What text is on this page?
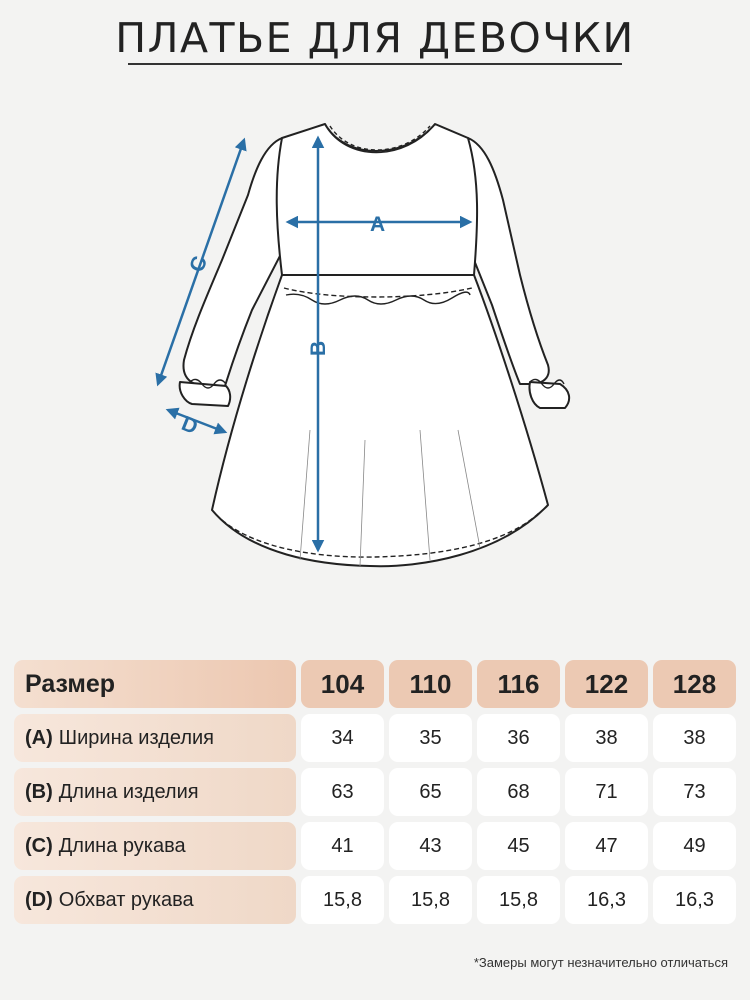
ПЛАТЬЕ ДЛЯ ДЕВОЧКИ
A
B
C
D
Размер	104	110	116	122	128
(A) Ширина изделия	34	35	36	38	38
(B) Длина изделия	63	65	68	71	73
(C) Длина рукава	41	43	45	47	49
(D) Обхват рукава	15,8	15,8	15,8	16,3	16,3
*Замеры могут незначительно отличаться
